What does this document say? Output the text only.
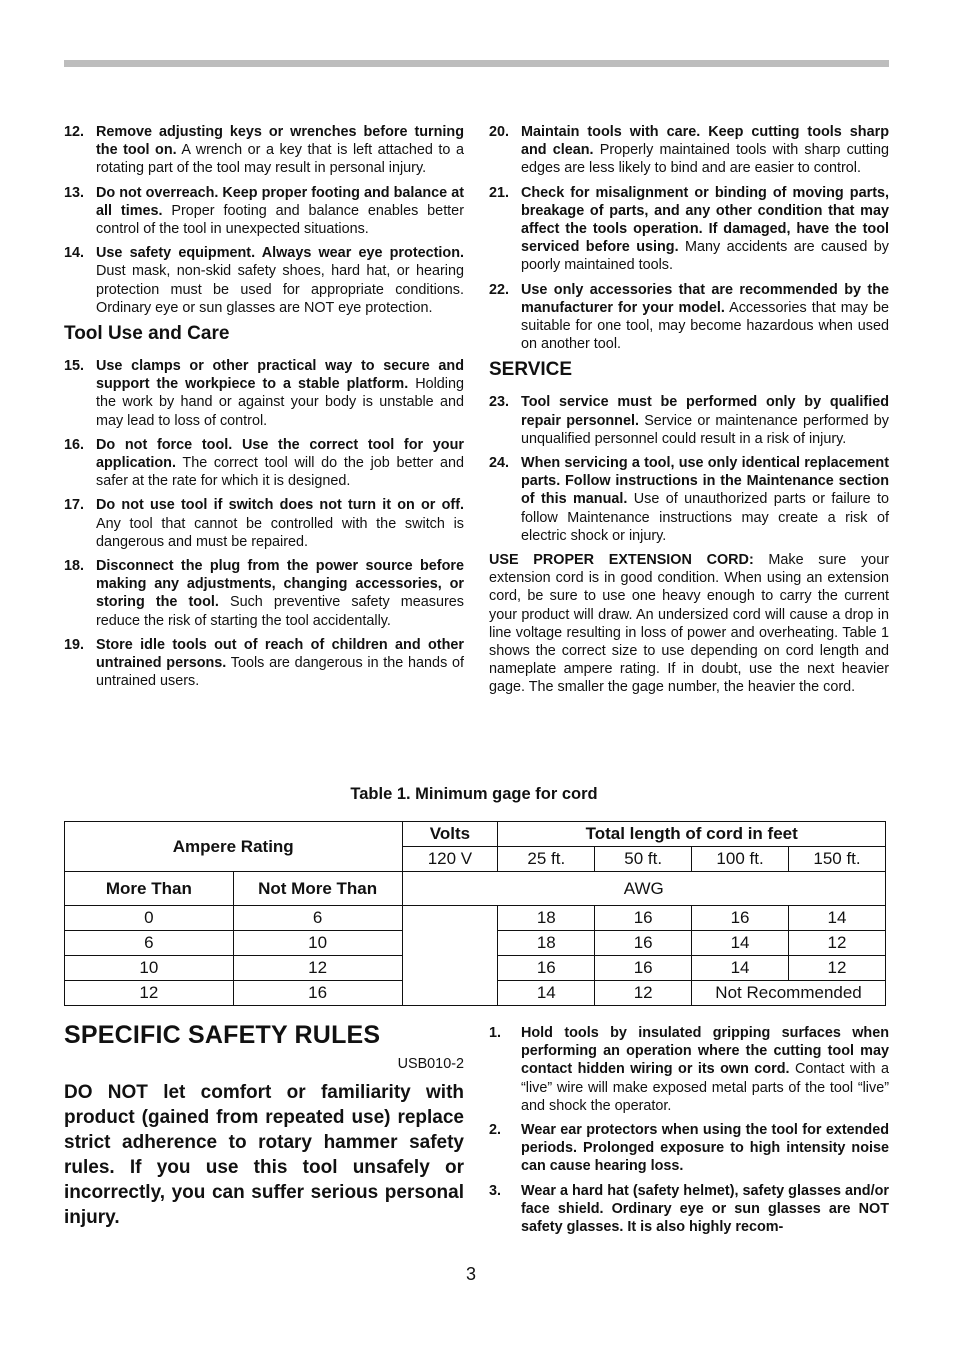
12. Remove adjusting keys or wrenches before turning the tool on. A wrench or a key that is left attached to a rotating part of the tool may result in personal injury.
13. Do not overreach. Keep proper footing and balance at all times. Proper footing and balance enables better control of the tool in unexpected situations.
14. Use safety equipment. Always wear eye protection. Dust mask, non-skid safety shoes, hard hat, or hearing protection must be used for appropriate conditions. Ordinary eye or sun glasses are NOT eye protection.
Tool Use and Care
15. Use clamps or other practical way to secure and support the workpiece to a stable platform. Holding the work by hand or against your body is unstable and may lead to loss of control.
16. Do not force tool. Use the correct tool for your application. The correct tool will do the job better and safer at the rate for which it is designed.
17. Do not use tool if switch does not turn it on or off. Any tool that cannot be controlled with the switch is dangerous and must be repaired.
18. Disconnect the plug from the power source before making any adjustments, changing accessories, or storing the tool. Such preventive safety measures reduce the risk of starting the tool accidentally.
19. Store idle tools out of reach of children and other untrained persons. Tools are dangerous in the hands of untrained users.
20. Maintain tools with care. Keep cutting tools sharp and clean. Properly maintained tools with sharp cutting edges are less likely to bind and are easier to control.
21. Check for misalignment or binding of moving parts, breakage of parts, and any other condition that may affect the tools operation. If damaged, have the tool serviced before using. Many accidents are caused by poorly maintained tools.
22. Use only accessories that are recommended by the manufacturer for your model. Accessories that may be suitable for one tool, may become hazardous when used on another tool.
SERVICE
23. Tool service must be performed only by qualified repair personnel. Service or maintenance performed by unqualified personnel could result in a risk of injury.
24. When servicing a tool, use only identical replacement parts. Follow instructions in the Maintenance section of this manual. Use of unauthorized parts or failure to follow Maintenance instructions may create a risk of electric shock or injury.
USE PROPER EXTENSION CORD: Make sure your extension cord is in good condition. When using an extension cord, be sure to use one heavy enough to carry the current your product will draw. An undersized cord will cause a drop in line voltage resulting in loss of power and overheating. Table 1 shows the correct size to use depending on cord length and nameplate ampere rating. If in doubt, use the next heavier gage. The smaller the gage number, the heavier the cord.
Table 1. Minimum gage for cord
Ampere Rating		Volts	Total length of cord in feet			
		120 V	25 ft.	50 ft.	100 ft.	150 ft.
More Than	Not More Than	AWG				
0	6		18	16	16	14
6	10		18	16	14	12
10	12		16	16	14	12
12	16		14	12	Not Recommended	
SPECIFIC SAFETY RULES
USB010-2
DO NOT let comfort or familiarity with product (gained from repeated use) replace strict adherence to rotary hammer safety rules. If you use this tool unsafely or incorrectly, you can suffer serious personal injury.
1. Hold tools by insulated gripping surfaces when performing an operation where the cutting tool may contact hidden wiring or its own cord. Contact with a “live” wire will make exposed metal parts of the tool “live” and shock the operator.
2. Wear ear protectors when using the tool for extended periods. Prolonged exposure to high intensity noise can cause hearing loss.
3. Wear a hard hat (safety helmet), safety glasses and/or face shield. Ordinary eye or sun glasses are NOT safety glasses. It is also highly recom-
3
